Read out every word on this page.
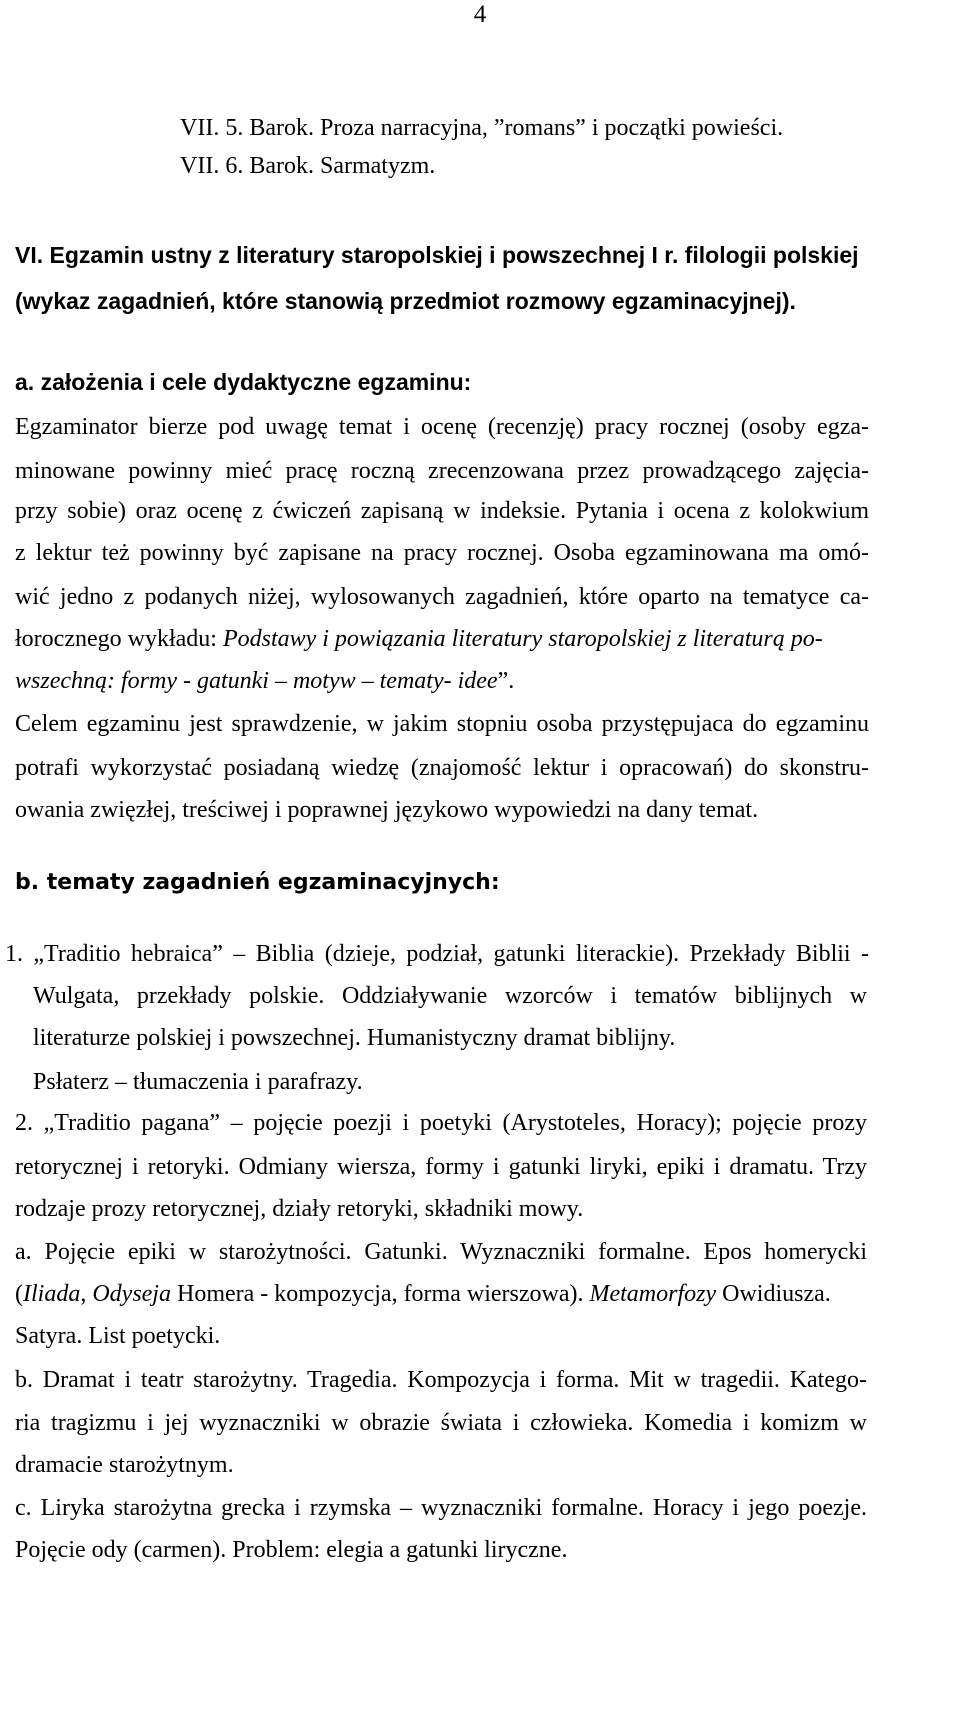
4
VII. 5. Barok. Proza narracyjna, ”romans” i początki powieści.
VII. 6. Barok. Sarmatyzm.
VI. Egzamin ustny z literatury staropolskiej i powszechnej I r. filologii polskiej
(wykaz zagadnień, które stanowią przedmiot rozmowy egzaminacyjnej).
a. założenia i cele dydaktyczne egzaminu:
Egzaminator bierze pod uwagę temat i ocenę (recenzję) pracy rocznej (osoby egza-
minowane powinny mieć pracę roczną zrecenzowana przez prowadzącego zajęcia-
przy sobie) oraz ocenę z ćwiczeń zapisaną w indeksie. Pytania i ocena z kolokwium
z lektur też powinny być zapisane na pracy rocznej. Osoba egzaminowana ma omó-
wić jedno z podanych niżej, wylosowanych zagadnień, które oparto na tematyce ca-
łorocznego wykładu: Podstawy i powiązania literatury staropolskiej z literaturą po-
wszechną: formy - gatunki – motyw – tematy- idee”.
Celem egzaminu jest sprawdzenie, w jakim stopniu osoba przystępujaca do egzaminu
potrafi wykorzystać posiadaną wiedzę (znajomość lektur i opracowań) do skonstru-
owania zwięzłej, treściwej i poprawnej językowo wypowiedzi na dany temat.
b. tematy zagadnień egzaminacyjnych:
1. „Traditio hebraica” – Biblia (dzieje, podział, gatunki literackie). Przekłady Biblii -
Wulgata, przekłady polskie. Oddziaływanie wzorców i tematów biblijnych w
literaturze polskiej i powszechnej. Humanistyczny dramat biblijny.
Psłaterz – tłumaczenia i parafrazy.
2. „Traditio pagana” – pojęcie poezji i poetyki (Arystoteles, Horacy); pojęcie prozy
retorycznej i retoryki. Odmiany wiersza, formy i gatunki liryki, epiki i dramatu. Trzy
rodzaje prozy retorycznej, działy retoryki, składniki mowy.
a. Pojęcie epiki w starożytności. Gatunki. Wyznaczniki formalne. Epos homerycki
(Iliada, Odyseja Homera - kompozycja, forma wierszowa). Metamorfozy Owidiusza.
Satyra. List poetycki.
b. Dramat i teatr starożytny. Tragedia. Kompozycja i forma. Mit w tragedii. Katego-
ria tragizmu i jej wyznaczniki w obrazie świata i człowieka. Komedia i komizm w
dramacie starożytnym.
c. Liryka starożytna grecka i rzymska – wyznaczniki formalne. Horacy i jego poezje.
Pojęcie ody (carmen). Problem: elegia a gatunki liryczne.
